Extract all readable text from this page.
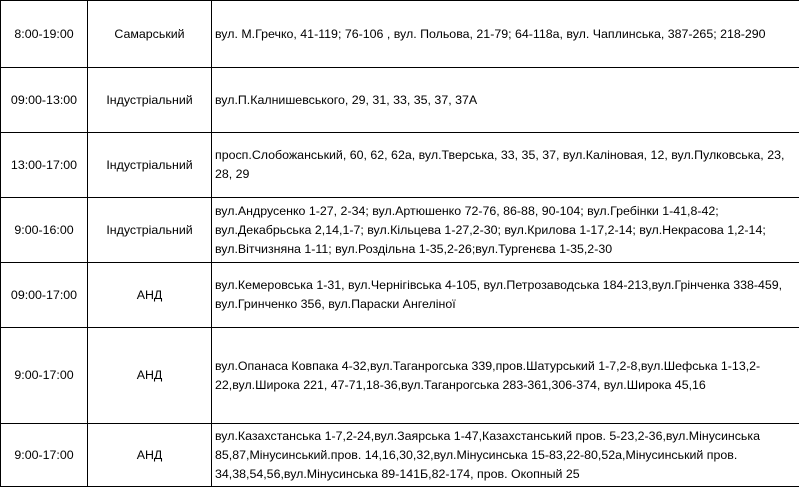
8:00-19:00	Самарський	вул. М.Гречко, 41-119; 76-106 , вул. Польова, 21-79; 64-118а, вул. Чаплинська, 387-265; 218-290
09:00-13:00	Індустріальний	вул.П.Калнишевського, 29, 31, 33, 35, 37, 37А
13:00-17:00	Індустріальний	просп.Слобожанський, 60, 62, 62а, вул.Тверська, 33, 35, 37, вул.Каліновая, 12, вул.Пулковська, 23, 28, 29
9:00-16:00	Індустріальний	вул.Андрусенко 1-27, 2-34; вул.Артюшенко 72-76, 86-88, 90-104; вул.Гребінки 1-41,8-42; вул.Декабрьська 2,14,1-7; вул.Кільцева 1-27,2-30; вул.Крилова 1-17,2-14; вул.Некрасова 1,2-14; вул.Вітчизняна 1-11; вул.Роздільна 1-35,2-26;вул.Тургенєва 1-35,2-30
09:00-17:00	АНД	вул.Кемеровська 1-31, вул.Чернігівська 4-105, вул.Петрозаводська 184-213,вул.Грінченка 338-459, вул.Гринченко 356, вул.Параски Ангеліної
9:00-17:00	АНД	вул.Опанаса Ковпака 4-32,вул.Таганрогська 339,пров.Шатурський 1-7,2-8,вул.Шефська 1-13,2-22,вул.Широка 221, 47-71,18-36,вул.Таганрогська 283-361,306-374, вул.Широка 45,16
9:00-17:00	АНД	вул.Казахстанська 1-7,2-24,вул.Заярська 1-47,Казахстанський пров. 5-23,2-36,вул.Мінусинська 85,87,Мінусинський.пров. 14,16,30,32,вул.Мінусинська 15-83,22-80,52а,Мінусинський пров. 34,38,54,56,вул.Мінусинська 89-141Б,82-174, пров. Окопный 25
